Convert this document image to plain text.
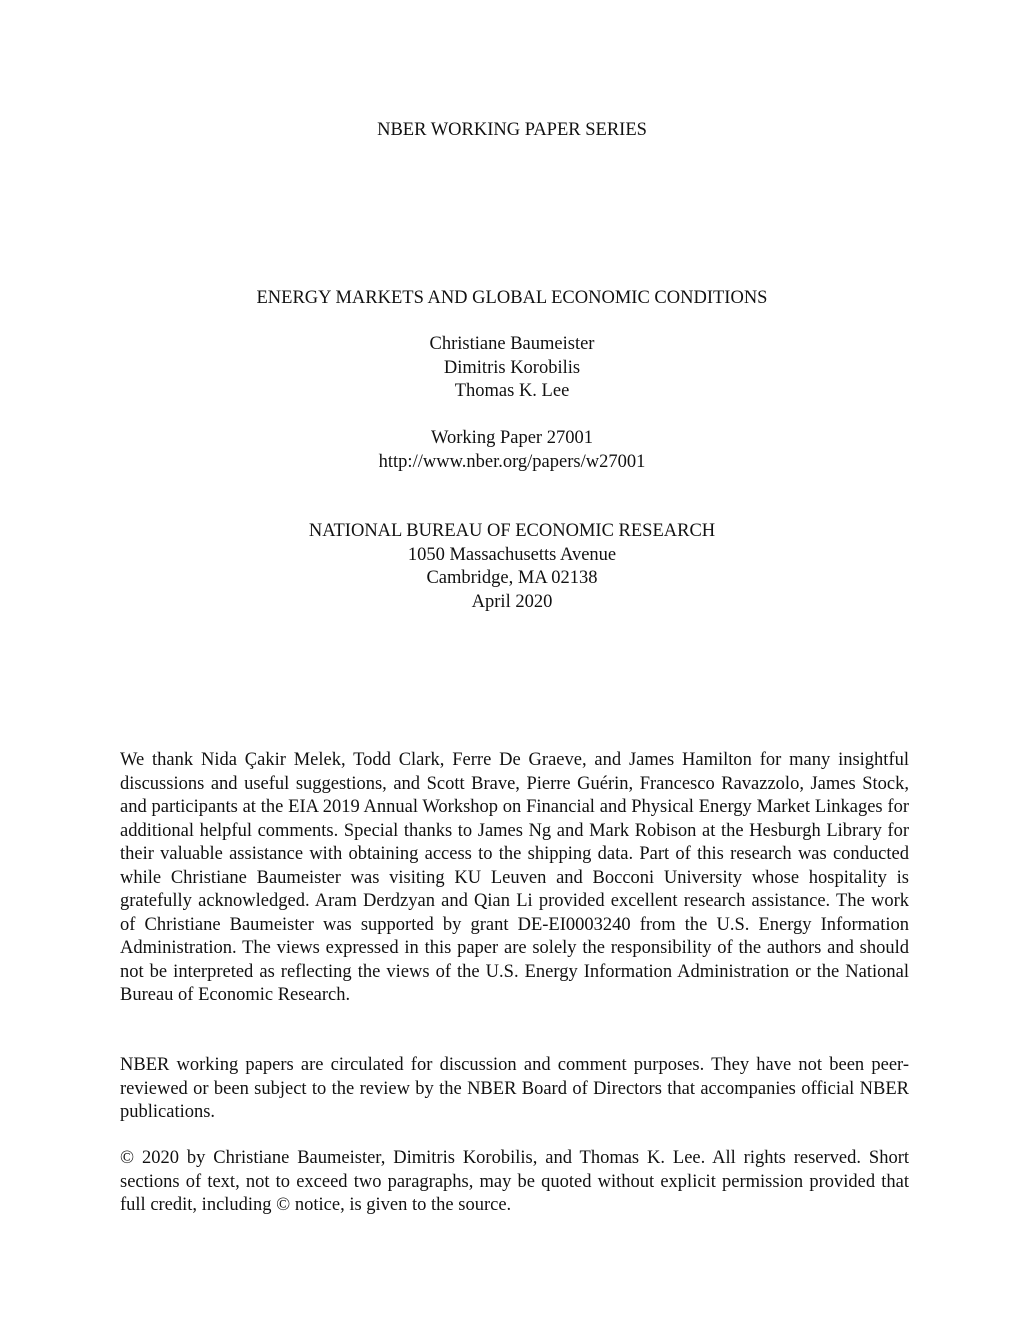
NBER WORKING PAPER SERIES
ENERGY MARKETS AND GLOBAL ECONOMIC CONDITIONS
Christiane Baumeister
Dimitris Korobilis
Thomas K. Lee
Working Paper 27001
http://www.nber.org/papers/w27001
NATIONAL BUREAU OF ECONOMIC RESEARCH
1050 Massachusetts Avenue
Cambridge, MA 02138
April 2020

We thank Nida Çakir Melek, Todd Clark, Ferre De Graeve, and James Hamilton for many insightful discussions and useful suggestions, and Scott Brave, Pierre Guérin, Francesco Ravazzolo, James Stock, and participants at the EIA 2019 Annual Workshop on Financial and Physical Energy Market Linkages for additional helpful comments. Special thanks to James Ng and Mark Robison at the Hesburgh Library for their valuable assistance with obtaining access to the shipping data. Part of this research was conducted while Christiane Baumeister was visiting KU Leuven and Bocconi University whose hospitality is gratefully acknowledged. Aram Derdzyan and Qian Li provided excellent research assistance. The work of Christiane Baumeister was supported by grant DE-EI0003240 from the U.S. Energy Information Administration. The views expressed in this paper are solely the responsibility of the authors and should not be interpreted as reflecting the views of the U.S. Energy Information Administration or the National Bureau of Economic Research.

NBER working papers are circulated for discussion and comment purposes. They have not been peer-reviewed or been subject to the review by the NBER Board of Directors that accompanies official NBER publications.

© 2020 by Christiane Baumeister, Dimitris Korobilis, and Thomas K. Lee. All rights reserved. Short sections of text, not to exceed two paragraphs, may be quoted without explicit permission provided that full credit, including © notice, is given to the source.
